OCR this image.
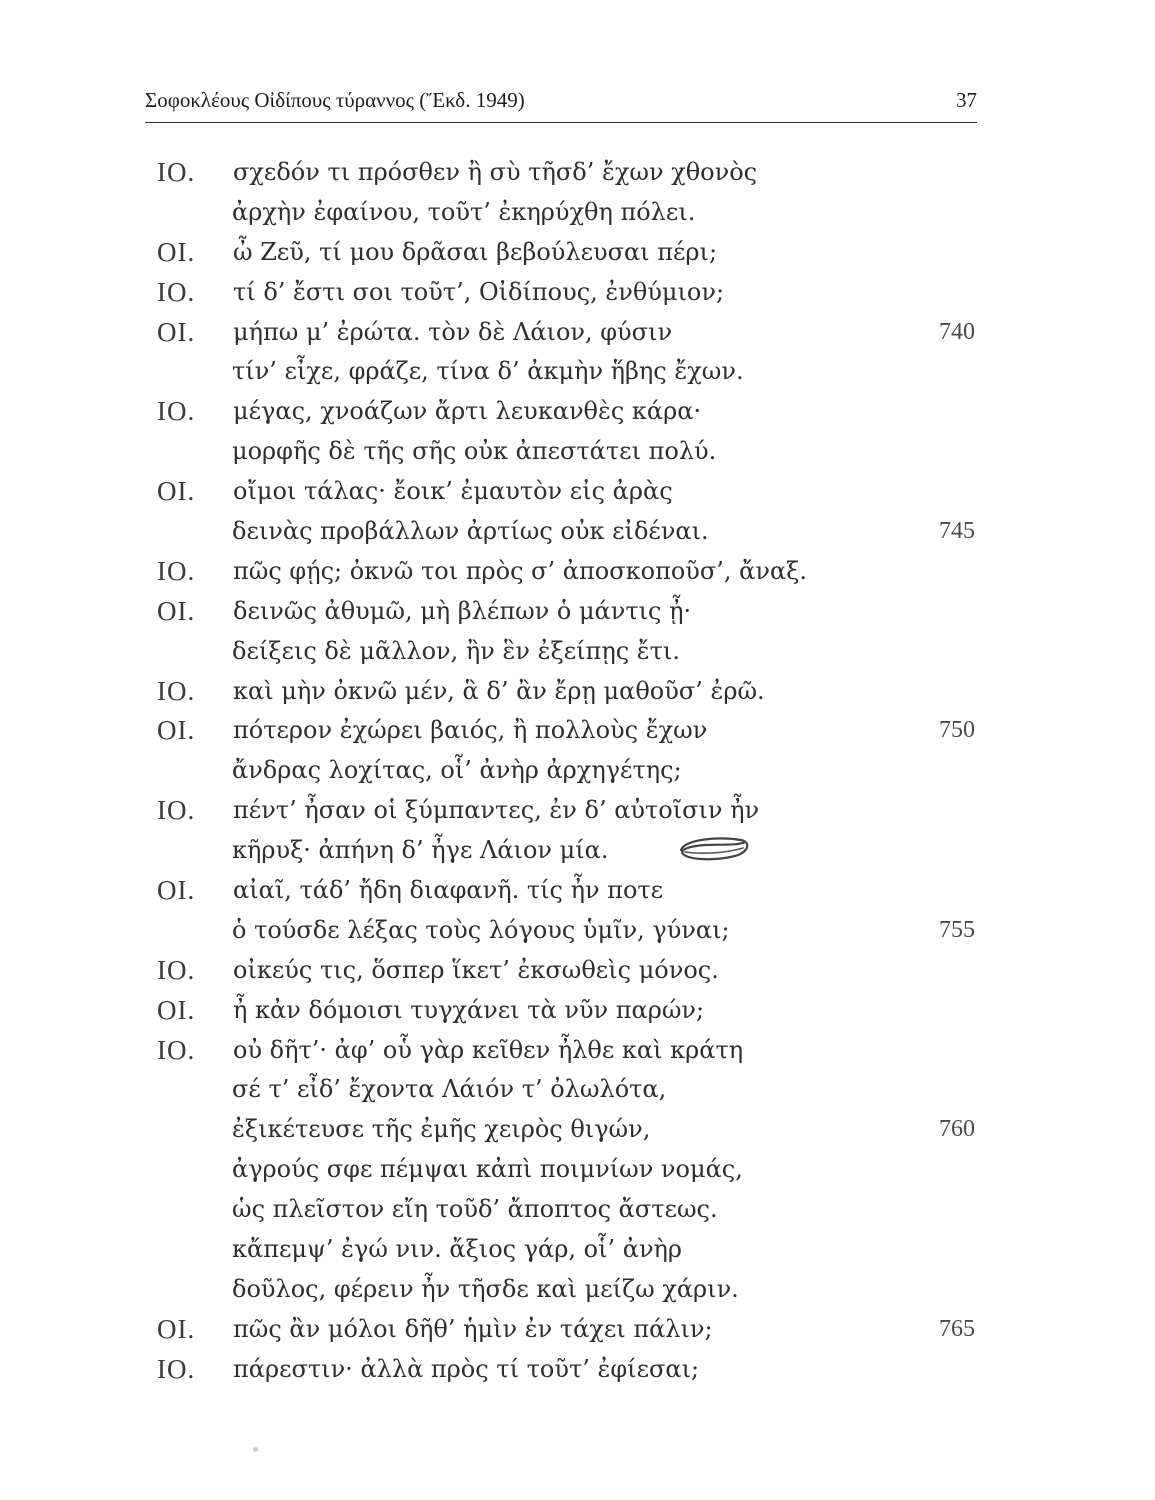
Σοφοκλέους Οἰδίπους τύραννος (Ἔκδ. 1949)	37
ΙΟ. σχεδόν τι πρόσθεν ἢ σὺ τῆσδ’ ἔχων χθονὸς
ἀρχὴν ἐφαίνου, τοῦτ’ ἐκηρύχθη πόλει.
ΟΙ. ὦ Ζεῦ, τί μου δρᾶσαι βεβούλευσαι πέρι;
ΙΟ. τί δ’ ἔστι σοι τοῦτ’, Οἰδίπους, ἐνθύμιον;
ΟΙ. μήπω μ’ ἐρώτα. τὸν δὲ Λάιον, φύσιν	740
τίν’ εἶχε, φράζε, τίνα δ’ ἀκμὴν ἥβης ἔχων.
ΙΟ. μέγας, χνοάζων ἄρτι λευκανθὲς κάρα·
μορφῆς δὲ τῆς σῆς οὐκ ἀπεστάτει πολύ.
ΟΙ. οἴμοι τάλας· ἔοικ’ ἐμαυτὸν εἰς ἀρὰς
δεινὰς προβάλλων ἀρτίως οὐκ εἰδέναι.	745
ΙΟ. πῶς φῄς; ὀκνῶ τοι πρὸς σ’ ἀποσκοποῦσ’, ἄναξ.
ΟΙ. δεινῶς ἀθυμῶ, μὴ βλέπων ὁ μάντις ᾖ·
δείξεις δὲ μᾶλλον, ἢν ἓν ἐξείπῃς ἔτι.
ΙΟ. καὶ μὴν ὀκνῶ μέν, ἃ δ’ ἂν ἔρῃ μαθοῦσ’ ἐρῶ.
ΟΙ. πότερον ἐχώρει βαιός, ἢ πολλοὺς ἔχων	750
ἄνδρας λοχίτας, οἷ’ ἀνὴρ ἀρχηγέτης;
ΙΟ. πέντ’ ἦσαν οἱ ξύμπαντες, ἐν δ’ αὐτοῖσιν ἦν
κῆρυξ· ἀπήνη δ’ ἦγε Λάιον μία.
ΟΙ. αἰαῖ, τάδ’ ἤδη διαφανῆ. τίς ἦν ποτε
ὁ τούσδε λέξας τοὺς λόγους ὑμῖν, γύναι;	755
ΙΟ. οἰκεύς τις, ὅσπερ ἵκετ’ ἐκσωθεὶς μόνος.
ΟΙ. ἦ κἀν δόμοισι τυγχάνει τὰ νῦν παρών;
ΙΟ. οὐ δῆτ’· ἀφ’ οὗ γὰρ κεῖθεν ἦλθε καὶ κράτη
σέ τ’ εἶδ’ ἔχοντα Λάιόν τ’ ὀλωλότα,
ἐξικέτευσε τῆς ἐμῆς χειρὸς θιγών,	760
ἀγρούς σφε πέμψαι κἀπὶ ποιμνίων νομάς,
ὡς πλεῖστον εἴη τοῦδ’ ἄποπτος ἄστεως.
κἄπεμψ’ ἐγώ νιν. ἄξιος γάρ, οἷ’ ἀνὴρ
δοῦλος, φέρειν ἦν τῆσδε καὶ μείζω χάριν.
ΟΙ. πῶς ἂν μόλοι δῆθ’ ἡμὶν ἐν τάχει πάλιν;	765
ΙΟ. πάρεστιν· ἀλλὰ πρὸς τί τοῦτ’ ἐφίεσαι;
